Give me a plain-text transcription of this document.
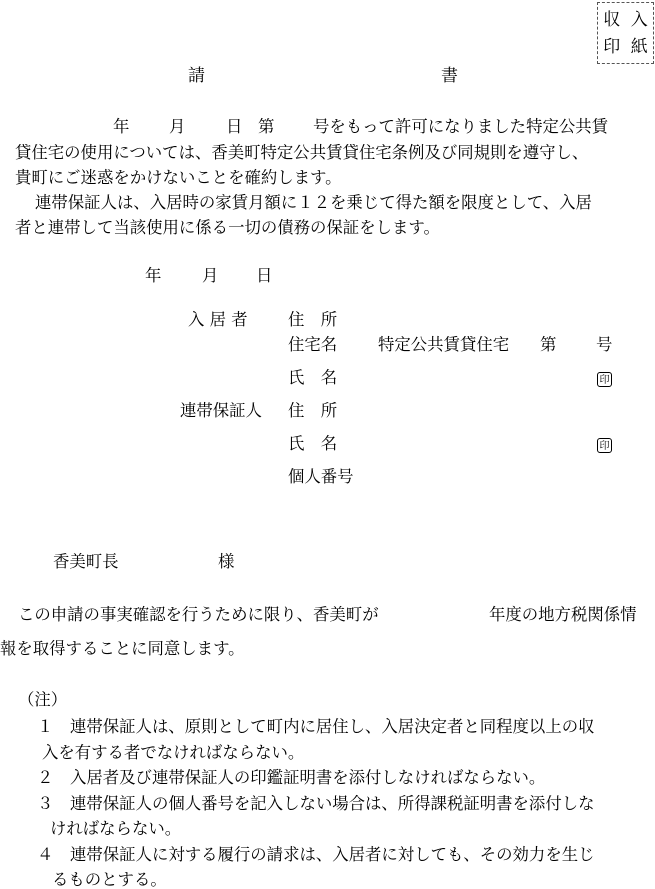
収 入
印 紙
請	書
年 月 日 第 号をもって許可になりました特定公共賃
貸住宅の使用については、香美町特定公共賃貸住宅条例及び同規則を遵守し、
貴町にご迷惑をかけないことを確約します。
連帯保証人は、入居時の家賃月額に１２を乗じて得た額を限度として、入居
者と連帯して当該使用に係る一切の債務の保証をします。
年 月 日
入 居 者 住　所
住宅名 特定公共賃貸住宅 第 号
氏　名	印
連帯保証人 住　所
氏　名	印
個人番号
香美町長	様
この申請の事実確認を行うために限り、香美町が	年度の地方税関係情
報を取得することに同意します。
（注）
１ 連帯保証人は、原則として町内に居住し、入居決定者と同程度以上の収
入を有する者でなければならない。
２ 入居者及び連帯保証人の印鑑証明書を添付しなければならない。
３ 連帯保証人の個人番号を記入しない場合は、所得課税証明書を添付しな
ければならない。
４ 連帯保証人に対する履行の請求は、入居者に対しても、その効力を生じ
るものとする。
